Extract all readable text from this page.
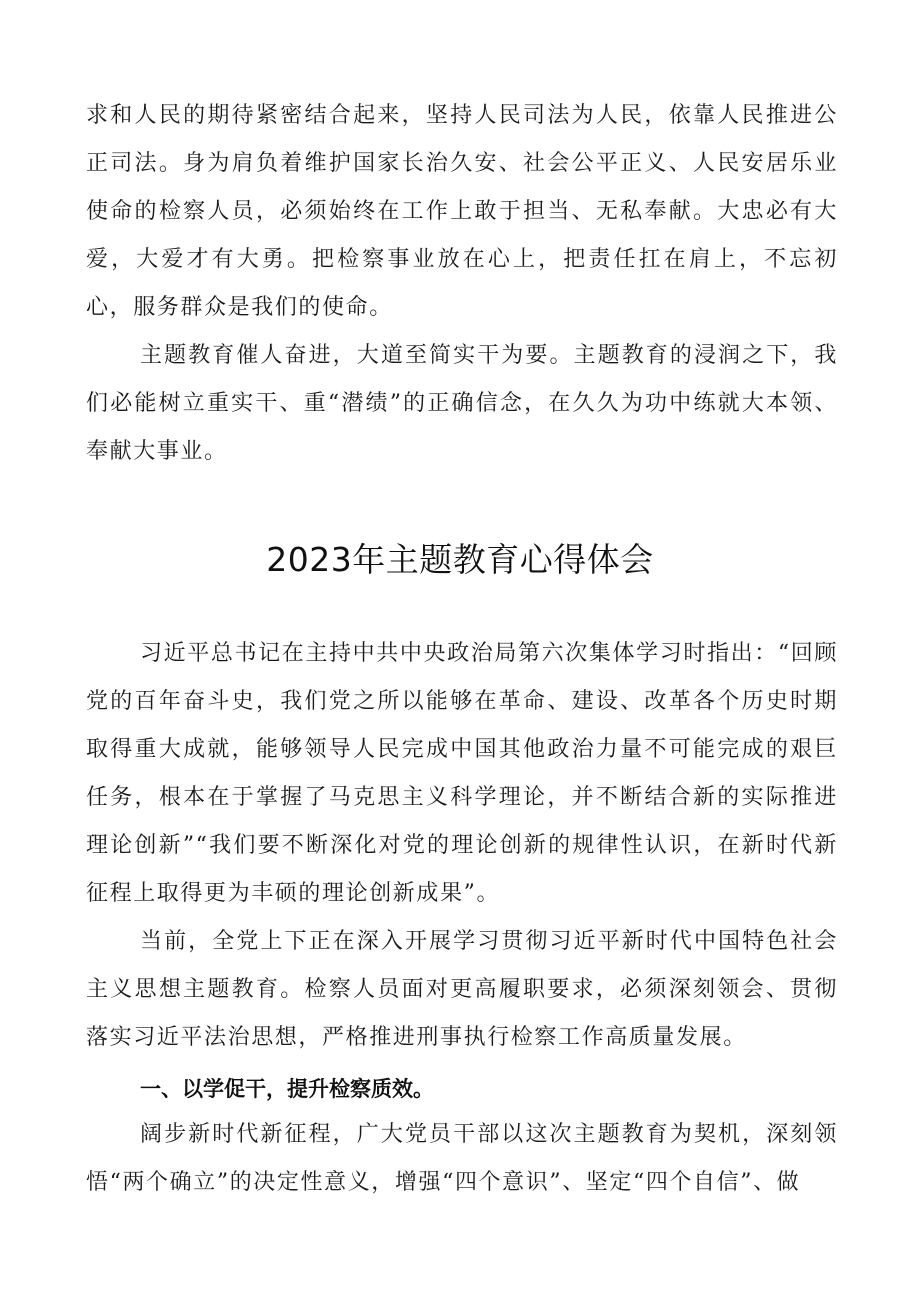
求和人民的期待紧密结合起来，坚持人民司法为人民，依靠人民推进公正司法。身为肩负着维护国家长治久安、社会公平正义、人民安居乐业使命的检察人员，必须始终在工作上敢于担当、无私奉献。大忠必有大爱，大爱才有大勇。把检察事业放在心上，把责任扛在肩上，不忘初心，服务群众是我们的使命。

主题教育催人奋进，大道至简实干为要。主题教育的浸润之下，我们必能树立重实干、重“潜绩”的正确信念，在久久为功中练就大本领、奉献大事业。

2023年主题教育心得体会

习近平总书记在主持中共中央政治局第六次集体学习时指出：“回顾党的百年奋斗史，我们党之所以能够在革命、建设、改革各个历史时期取得重大成就，能够领导人民完成中国其他政治力量不可能完成的艰巨任务，根本在于掌握了马克思主义科学理论，并不断结合新的实际推进理论创新”“我们要不断深化对党的理论创新的规律性认识，在新时代新征程上取得更为丰硕的理论创新成果”。

当前，全党上下正在深入开展学习贯彻习近平新时代中国特色社会主义思想主题教育。检察人员面对更高履职要求，必须深刻领会、贯彻落实习近平法治思想，严格推进刑事执行检察工作高质量发展。

一、以学促干，提升检察质效。

阔步新时代新征程，广大党员干部以这次主题教育为契机，深刻领悟“两个确立”的决定性意义，增强“四个意识”、坚定“四个自信”、做
